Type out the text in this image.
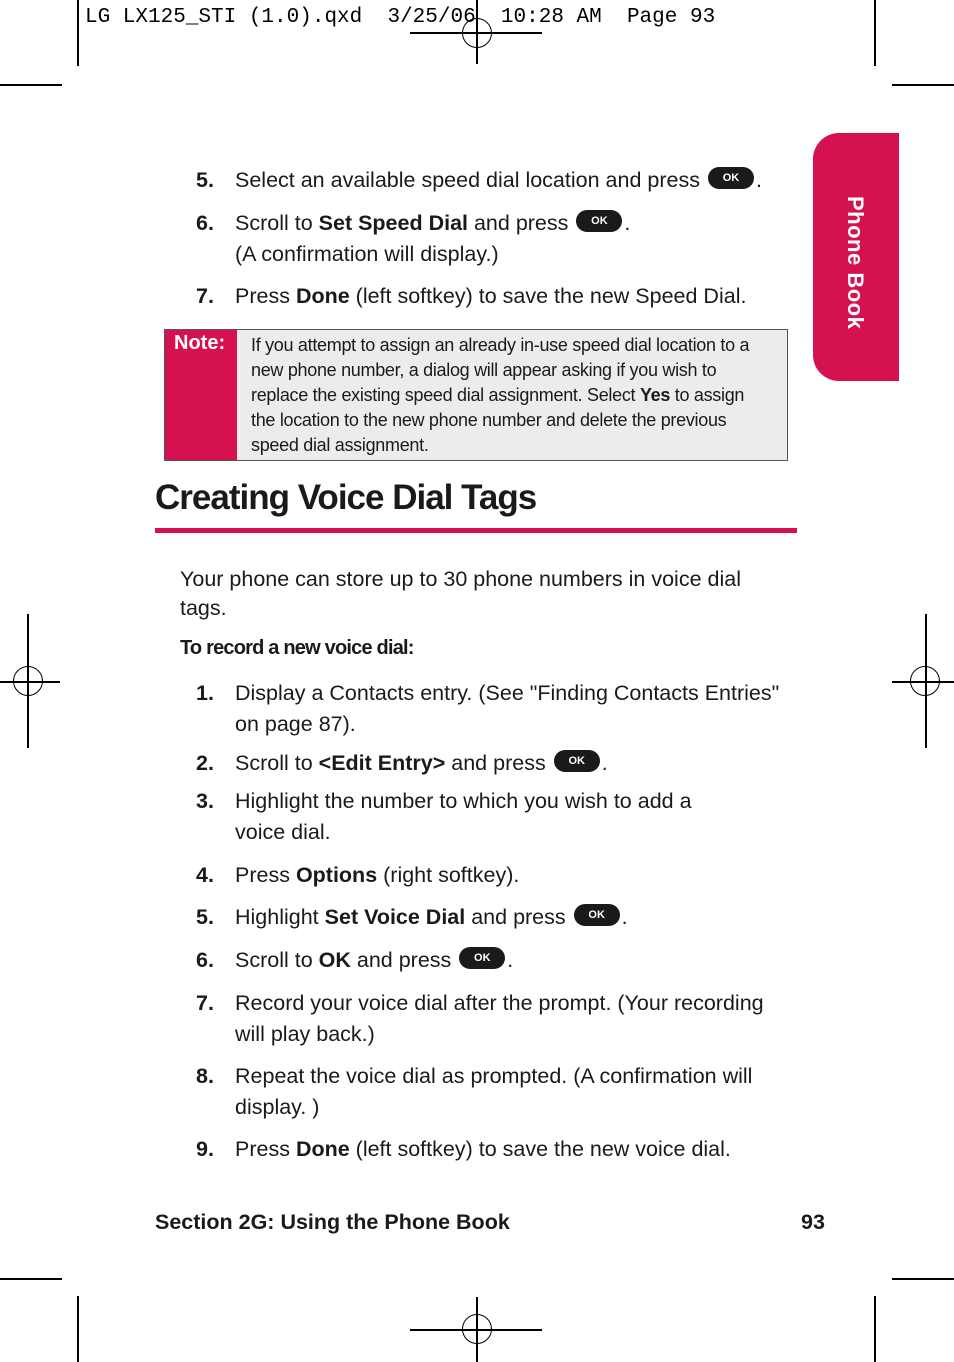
LG LX125_STI (1.0).qxd 3/25/06 10:28 AM Page 93
Phone Book
5. Select an available speed dial location and press OK .
6. Scroll to Set Speed Dial and press OK .
(A confirmation will display.)
7. Press Done (left softkey) to save the new Speed Dial.
Note: If you attempt to assign an already in-use speed dial location to a new phone number, a dialog will appear asking if you wish to replace the existing speed dial assignment. Select Yes to assign the location to the new phone number and delete the previous speed dial assignment.
Creating Voice Dial Tags
Your phone can store up to 30 phone numbers in voice dial tags.
To record a new voice dial:
1. Display a Contacts entry. (See "Finding Contacts Entries"
on page 87).
2. Scroll to <Edit Entry> and press OK .
3. Highlight the number to which you wish to add a
voice dial.
4. Press Options (right softkey).
5. Highlight Set Voice Dial and press OK .
6. Scroll to OK and press OK .
7. Record your voice dial after the prompt. (Your recording
will play back.)
8. Repeat the voice dial as prompted. (A confirmation will
display. )
9. Press Done (left softkey) to save the new voice dial.
Section 2G: Using the Phone Book	93
